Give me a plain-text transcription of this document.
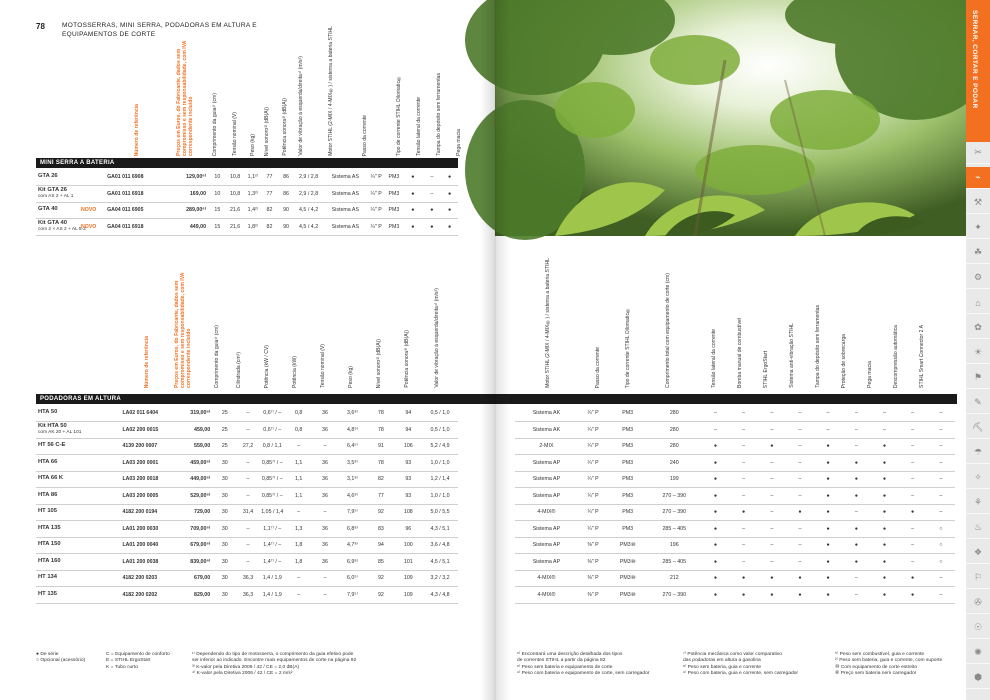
78	MOTOSSERRAS, MINI SERRA, PODADORAS EM ALTURA E EQUIPAMENTOS DE CORTE
Número de referência	Preços em Euros, do Fabricante, dados sem compromisso e sem responsabilidade, com IVA correspondente incluído	Comprimento da guia¹⁾ (cm)	Tensão nominal (V)	Peso (kg)	Nível sonoro³⁾ (dB(A))	Potência sonora³⁾ (dB(A))	Valor de vibração à esquerda/direita⁴⁾ (m/s²)	Motor STIHL (2-MIX / 4-MIX®) / sistema a bateria STIHL	Passo da corrente	Tipo de corrente STIHL Oilomatic®	Tensão lateral da corrente	Tampa do depósito sem ferramentas	Pega macia
MINI SERRA A BATERIA
GTA 26		GA01 011 6908	129,00⁶⁾	10	10,8	1,1²⁾	77	86	2,9 / 2,8	Sistema AS	¼" P	PM3	●	–	●
Kit GTA 26
com AS 2 + AL 1		GA01 011 6918	169,00	10	10,8	1,3²⁾	77	86	2,9 / 2,8	Sistema AS	¼" P	PM3	●	–	●
GTA 40	NOVO	GA04 011 6905	289,00⁶⁾	15	21,6	1,4²⁾	82	90	4,5 / 4,2	Sistema AS	¼" P	PM3	●	●	●
Kit GTA 40
com 2 × AS 2 + AL 5-2	NOVO	GA04 011 6918	449,00	15	21,6	1,8²⁾	82	90	4,5 / 4,2	Sistema AS	¼" P	PM3	●	●	●
Número de referência	Preços em Euros, do Fabricante, dados sem compromisso e sem responsabilidade, com IVA correspondente incluído	Comprimento da guia¹⁾ (cm)	Cilindrada (cm³)	Potência (kW / CV)	Potência (kW)	Tensão nominal (V)	Peso (kg)	Nível sonoro³⁾ (dB(A))	Potência sonora³⁾ (dB(A))	Valor de vibração à esquerda/direita⁴⁾ (m/s²)
PODADORAS EM ALTURA
HTA 50	LA02 011 6404	319,00⁶⁾	25	–	0,6⁷⁾ / –	0,8	36	3,6⁸⁾	78	94	0,5 / 1,0
Kit HTA 50
com AK 20 + AL 101	LA02 200 0015	459,00	25	–	0,6⁷⁾ / –	0,8	36	4,8⁹⁾	78	94	0,5 / 1,0
HT 56 C-E	4139 200 0007	559,00	25	27,2	0,8 / 1,1	–	–	6,4⁵⁾	91	106	5,2 / 4,9
HTA 66	LA03 200 0001	459,00⁶⁾	30	–	0,85⁷⁾ / –	1,1	36	3,5⁸⁾	78	93	1,0 / 1,0
HTA 66 K	LA03 200 0018	449,00⁶⁾	30	–	0,85⁷⁾ / –	1,1	36	3,1⁸⁾	82	93	1,2 / 1,4
HTA 86	LA03 200 0005	529,00⁶⁾	30	–	0,85⁷⁾ / –	1,1	36	4,6⁸⁾	77	93	1,0 / 1,0
HT 105	4182 200 0194	729,00	30	31,4	1,05 / 1,4	–	–	7,9⁵⁾	92	108	5,0 / 5,5
HTA 135	LA01 200 0030	709,00⁶⁾	30	–	1,1⁷⁾ / –	1,3	36	6,8⁸⁾	83	96	4,3 / 5,1
HTA 150	LA01 200 0040	679,00⁶⁾	30	–	1,4⁷⁾ / –	1,8	36	4,7⁸⁾	94	100	3,6 / 4,8
HTA 160	LA01 200 0038	839,00⁶⁾	30	–	1,4⁷⁾ / –	1,8	36	6,9⁸⁾	85	101	4,5 / 5,1
HT 134	4182 200 0203	679,00	30	36,3	1,4 / 1,9	–	–	6,0⁵⁾	92	109	3,2 / 3,2
HT 135	4182 200 0202	829,00	30	36,3	1,4 / 1,9	–	–	7,9⁵⁾	92	109	4,3 / 4,8
● De série
○ Opcional (acessório)
C = Equipamento de conforto
E = STIHL ErgoStart
K = Tubo curto
¹⁾ Dependendo do tipo de motosserra, o comprimento da guia efetivo pode
ser inferior ao indicado. Encontre mais equipamentos de corte na página 92
³⁾ K-valor pela Diretiva 2006 / 42 / CE = 2,0 dB(A)
⁴⁾ K-valor pela Diretiva 2006 / 42 / CE = 2 m/s²
Motor STIHL (2-MIX / 4-MIX®) / sistema a bateria STIHL	Passo da corrente	Tipo de corrente STIHL Oilomatic®	Comprimento total com equipamento de corte (cm)	Tensão lateral da corrente	Bomba manual de combustível	STIHL ErgoStart	Sistema anti-vibração STIHL	Tampa do depósito sem ferramentas	Proteção de sobrecarga	Pega macia	Descompressão automática	STIHL Smart Connector 2 A
Sistema AK	¼" P	PM3	280	–	–	–	–	–	–	–	–	–
Sistema AK	¼" P	PM3	280	–	–	–	–	–	–	–	–	–
2-MIX	¼" P	PM3	280	●	–	●	–	●	–	●	–	–
Sistema AP	¼" P	PM3	240	●	–	–	–	●	●	●	–	–
Sistema AP	¼" P	PM3	199	●	–	–	–	●	●	●	–	–
Sistema AP	¼" P	PM3	270 – 390	●	–	–	–	●	●	●	–	–
4-MIX®	¼" P	PM3	270 – 390	●	●	–	●	●	–	●	●	–
Sistema AP	¼" P	PM3	285 – 405	●	–	–	–	●	●	●	–	○
Sistema AP	⅜" P	PM3⑩	196	●	–	–	–	●	●	●	–	○
Sistema AP	⅜" P	PM3⑩	285 – 405	●	–	–	–	●	●	●	–	○
4-MIX®	⅜" P	PM3⑩	212	●	●	●	●	●	–	●	●	–
4-MIX®	⅜" P	PM3⑩	270 – 390	●	●	●	●	●	–	●	●	–
⁶⁾ Encontrará uma descrição detalhada dos tipos
de correntes STIHL a partir da página 82
⁸⁾ Peso sem bateria e equipamento de corte
⁹⁾ Peso com bateria e equipamento de corte, sem carregador
⁷⁾ Potência mecânica como valor comparativo
das podadoras em altura a gasolina
⁸⁾ Peso sem bateria, guia e corrente
⁹⁾ Peso com bateria, guia e corrente, sem carregador
⁵⁾ Peso sem combustível, guia e corrente
²⁾ Peso sem bateria, guia e corrente, com suporte
⑩ Com equipamento de corte estreito
⑥ Preço sem bateria nem carregador
SERRAR, CORTAR E PODAR
✂
⌁
⚒
✦
☘
⚙
⌂
✿
☀
⚑
✎
⛏
☂
✧
⚘
♨
❖
⚐
✇
☉
✺
⬢
